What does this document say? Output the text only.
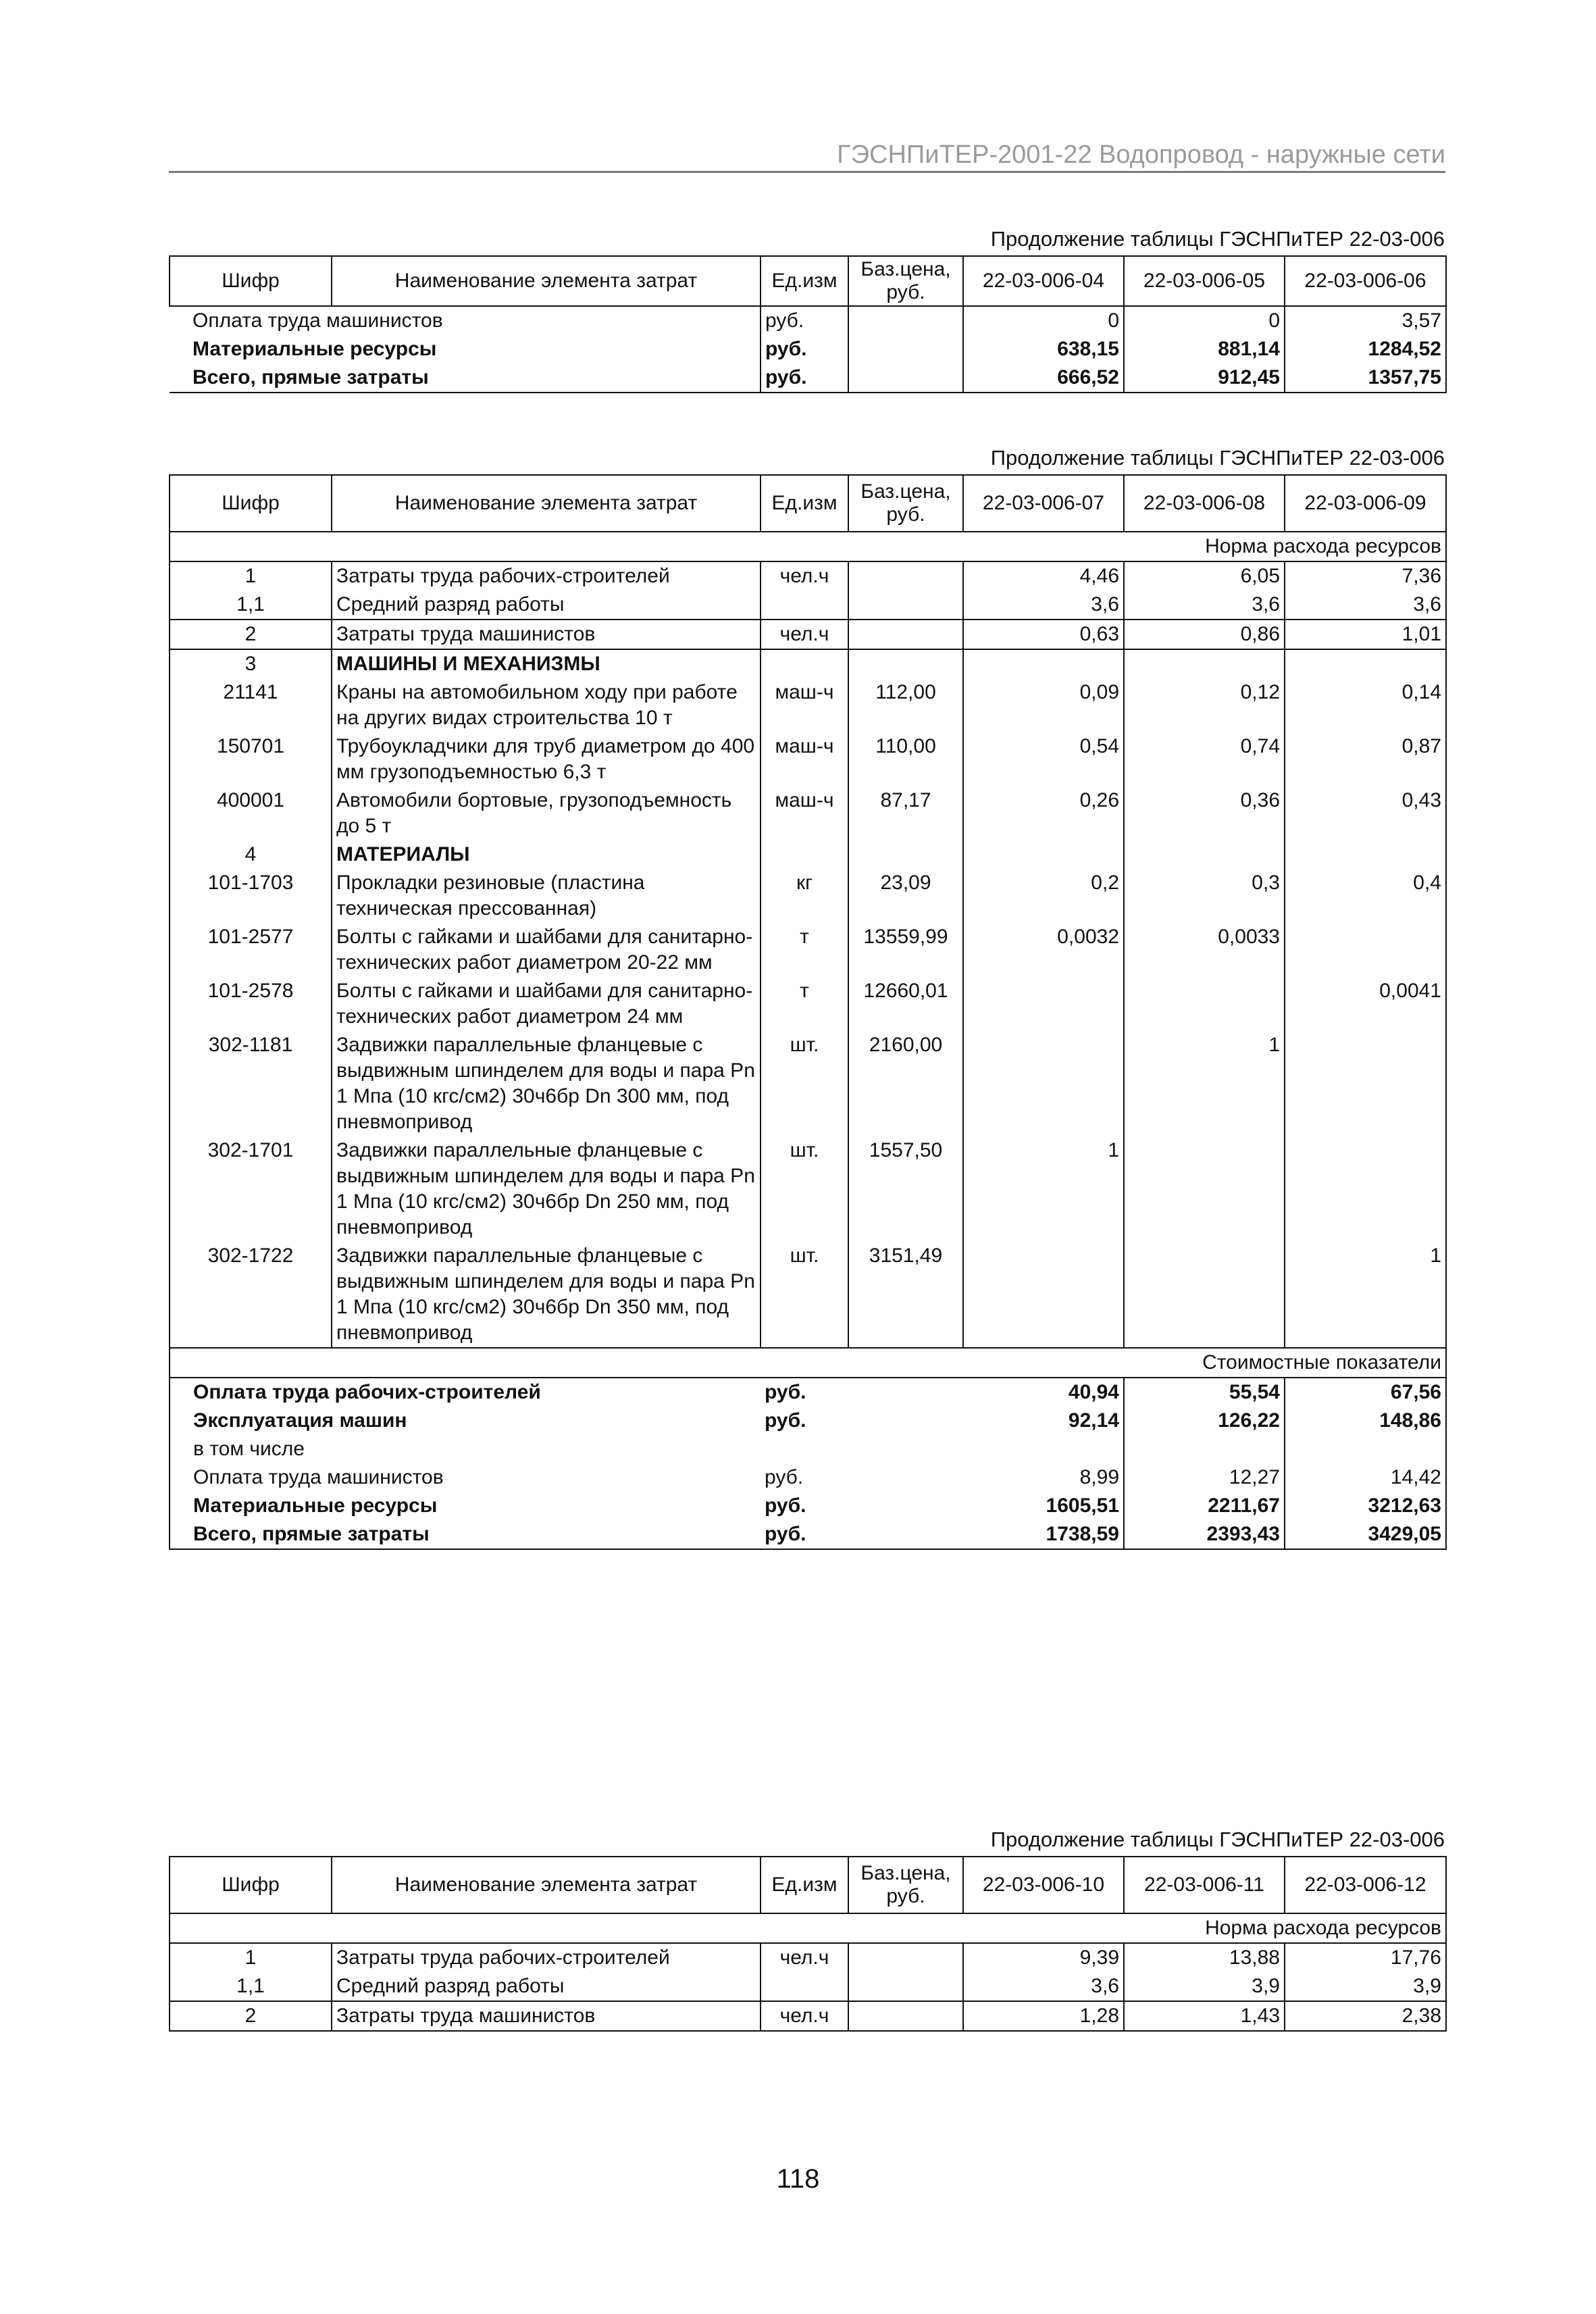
ГЭСНПиТЕР-2001-22 Водопровод - наружные сети
Продолжение таблицы ГЭСНПиТЕР 22-03-006
Шифр	Наименование элемента затрат	Ед.изм	Баз.цена, руб.	22-03-006-04	22-03-006-05	22-03-006-06
Оплата труда машинистов		руб.		0	0	3,57
Материальные ресурсы		руб.		638,15	881,14	1284,52
Всего, прямые затраты		руб.		666,52	912,45	1357,75
Продолжение таблицы ГЭСНПиТЕР 22-03-006
Шифр	Наименование элемента затрат	Ед.изм	Баз.цена, руб.	22-03-006-07	22-03-006-08	22-03-006-09
Норма расхода ресурсов						
1	Затраты труда рабочих-строителей	чел.ч		4,46	6,05	7,36
1,1	Средний разряд работы			3,6	3,6	3,6
2	Затраты труда машинистов	чел.ч		0,63	0,86	1,01
3	МАШИНЫ И МЕХАНИЗМЫ					
21141	Краны на автомобильном ходу при работе на других видах строительства 10 т	маш-ч	112,00	0,09	0,12	0,14
150701	Трубоукладчики для труб диаметром до 400 мм грузоподъемностью 6,3 т	маш-ч	110,00	0,54	0,74	0,87
400001	Автомобили бортовые, грузоподъемность до 5 т	маш-ч	87,17	0,26	0,36	0,43
4	МАТЕРИАЛЫ					
101-1703	Прокладки резиновые (пластина техническая прессованная)	кг	23,09	0,2	0,3	0,4
101-2577	Болты с гайками и шайбами для санитарно-технических работ диаметром 20-22 мм	т	13559,99	0,0032	0,0033	
101-2578	Болты с гайками и шайбами для санитарно-технических работ диаметром 24 мм	т	12660,01			0,0041
302-1181	Задвижки параллельные фланцевые с выдвижным шпинделем для воды и пара Pn 1 Мпа (10 кгс/см2) 30ч6бр Dn 300 мм, под пневмопривод	шт.	2160,00		1	
302-1701	Задвижки параллельные фланцевые с выдвижным шпинделем для воды и пара Pn 1 Мпа (10 кгс/см2) 30ч6бр Dn 250 мм, под пневмопривод	шт.	1557,50	1		
302-1722	Задвижки параллельные фланцевые с выдвижным шпинделем для воды и пара Pn 1 Мпа (10 кгс/см2) 30ч6бр Dn 350 мм, под пневмопривод	шт.	3151,49			1
Стоимостные показатели						
Оплата труда рабочих-строителей		руб.		40,94	55,54	67,56
Эксплуатация машин		руб.		92,14	126,22	148,86
в том числе						
Оплата труда машинистов		руб.		8,99	12,27	14,42
Материальные ресурсы		руб.		1605,51	2211,67	3212,63
Всего, прямые затраты		руб.		1738,59	2393,43	3429,05
Продолжение таблицы ГЭСНПиТЕР 22-03-006
Шифр	Наименование элемента затрат	Ед.изм	Баз.цена, руб.	22-03-006-10	22-03-006-11	22-03-006-12
Норма расхода ресурсов						
1	Затраты труда рабочих-строителей	чел.ч		9,39	13,88	17,76
1,1	Средний разряд работы			3,6	3,9	3,9
2	Затраты труда машинистов	чел.ч		1,28	1,43	2,38
118
